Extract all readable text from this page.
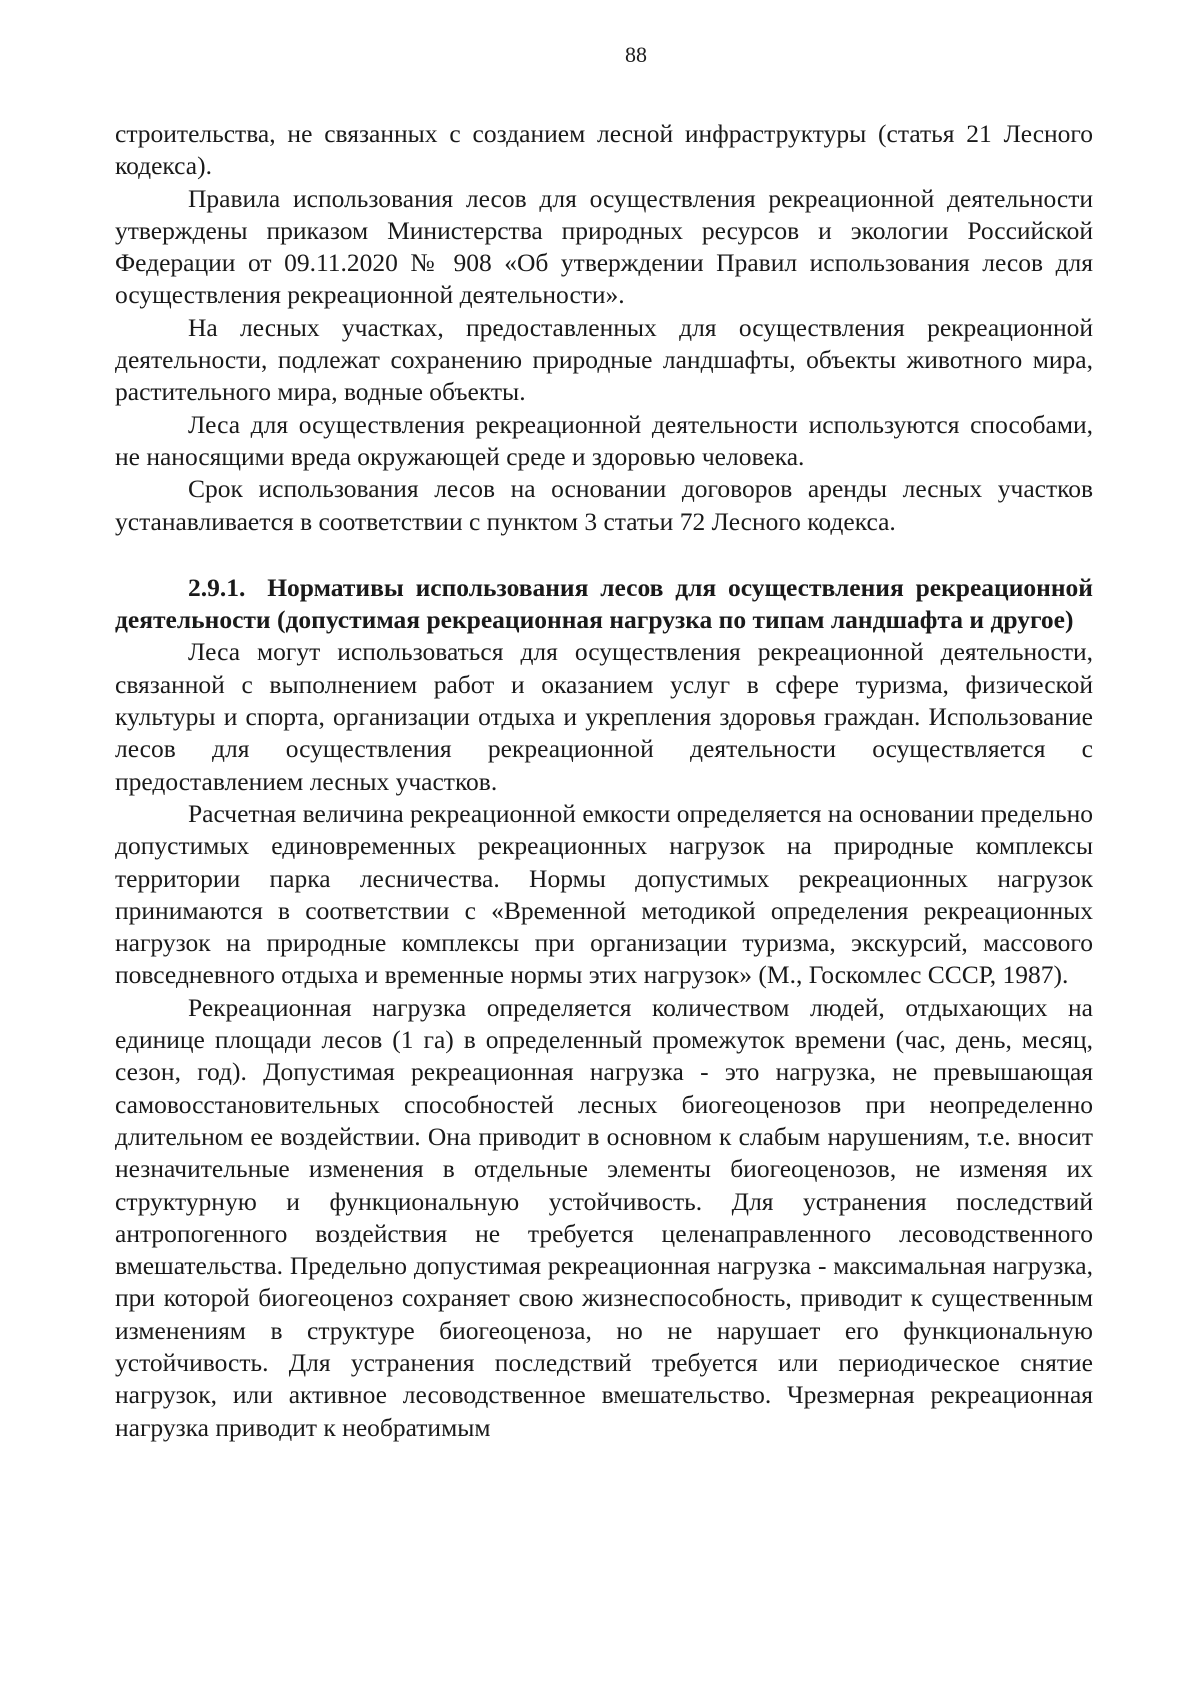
88

строительства, не связанных с созданием лесной инфраструктуры (статья 21 Лесного кодекса).

Правила использования лесов для осуществления рекреационной деятельности утверждены приказом Министерства природных ресурсов и экологии Российской Федерации от 09.11.2020 № 908 «Об утверждении Правил использования лесов для осуществления рекреационной деятельности».

На лесных участках, предоставленных для осуществления рекреационной деятельности, подлежат сохранению природные ландшафты, объекты животного мира, растительного мира, водные объекты.

Леса для осуществления рекреационной деятельности используются способами, не наносящими вреда окружающей среде и здоровью человека.

Срок использования лесов на основании договоров аренды лесных участков устанавливается в соответствии с пунктом 3 статьи 72 Лесного кодекса.

2.9.1. Нормативы использования лесов для осуществления рекреационной деятельности (допустимая рекреационная нагрузка по типам ландшафта и другое)

Леса могут использоваться для осуществления рекреационной деятельности, связанной с выполнением работ и оказанием услуг в сфере туризма, физической культуры и спорта, организации отдыха и укрепления здоровья граждан. Использование лесов для осуществления рекреационной деятельности осуществляется с предоставлением лесных участков.

Расчетная величина рекреационной емкости определяется на основании предельно допустимых единовременных рекреационных нагрузок на природные комплексы территории парка лесничества. Нормы допустимых рекреационных нагрузок принимаются в соответствии с «Временной методикой определения рекреационных нагрузок на природные комплексы при организации туризма, экскурсий, массового повседневного отдыха и временные нормы этих нагрузок» (М., Госкомлес СССР, 1987).

Рекреационная нагрузка определяется количеством людей, отдыхающих на единице площади лесов (1 га) в определенный промежуток времени (час, день, месяц, сезон, год). Допустимая рекреационная нагрузка - это нагрузка, не превышающая самовосстановительных способностей лесных биогеоценозов при неопределенно длительном ее воздействии. Она приводит в основном к слабым нарушениям, т.е. вносит незначительные изменения в отдельные элементы биогеоценозов, не изменяя их структурную и функциональную устойчивость. Для устранения последствий антропогенного воздействия не требуется целенаправленного лесоводственного вмешательства. Предельно допустимая рекреационная нагрузка - максимальная нагрузка, при которой биогеоценоз сохраняет свою жизнеспособность, приводит к существенным изменениям в структуре биогеоценоза, но не нарушает его функциональную устойчивость. Для устранения последствий требуется или периодическое снятие нагрузок, или активное лесоводственное вмешательство. Чрезмерная рекреационная нагрузка приводит к необратимым
